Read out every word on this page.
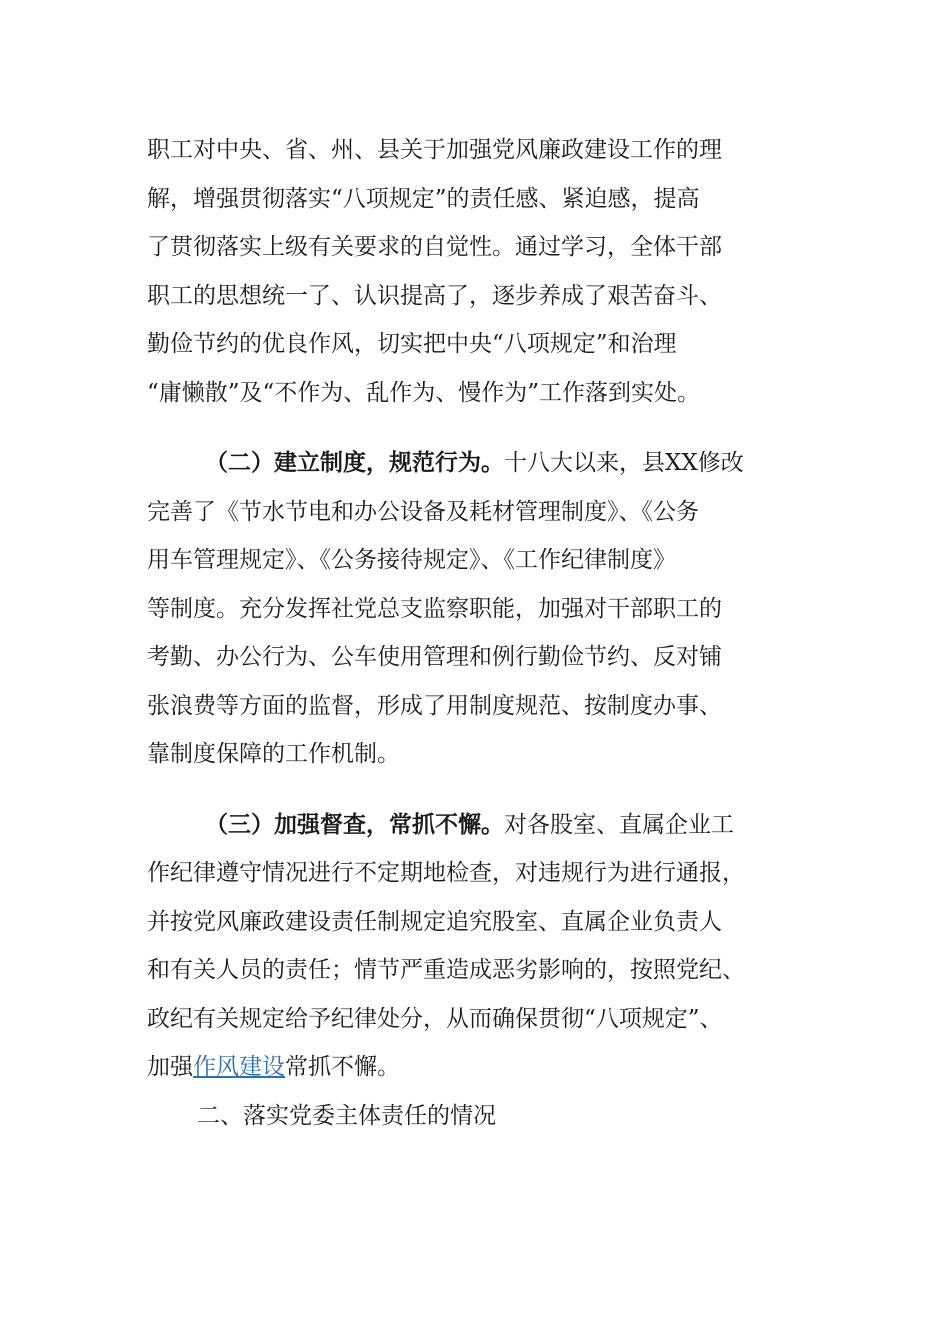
职工对中央、省、州、县关于加强党风廉政建设工作的理
解，增强贯彻落实“八项规定”的责任感、紧迫感，提高
了贯彻落实上级有关要求的自觉性。通过学习，全体干部
职工的思想统一了、认识提高了，逐步养成了艰苦奋斗、
勤俭节约的优良作风，切实把中央“八项规定”和治理
“庸懒散”及“不作为、乱作为、慢作为”工作落到实处。
（二）建立制度，规范行为。十八大以来，县XX修改
完善了《节水节电和办公设备及耗材管理制度》、《公务
用车管理规定》、《公务接待规定》、《工作纪律制度》
等制度。充分发挥社党总支监察职能，加强对干部职工的
考勤、办公行为、公车使用管理和例行勤俭节约、反对铺
张浪费等方面的监督，形成了用制度规范、按制度办事、
靠制度保障的工作机制。
（三）加强督查，常抓不懈。对各股室、直属企业工
作纪律遵守情况进行不定期地检查，对违规行为进行通报，
并按党风廉政建设责任制规定追究股室、直属企业负责人
和有关人员的责任；情节严重造成恶劣影响的，按照党纪、
政纪有关规定给予纪律处分，从而确保贯彻“八项规定”、
加强作风建设常抓不懈。
二、落实党委主体责任的情况
